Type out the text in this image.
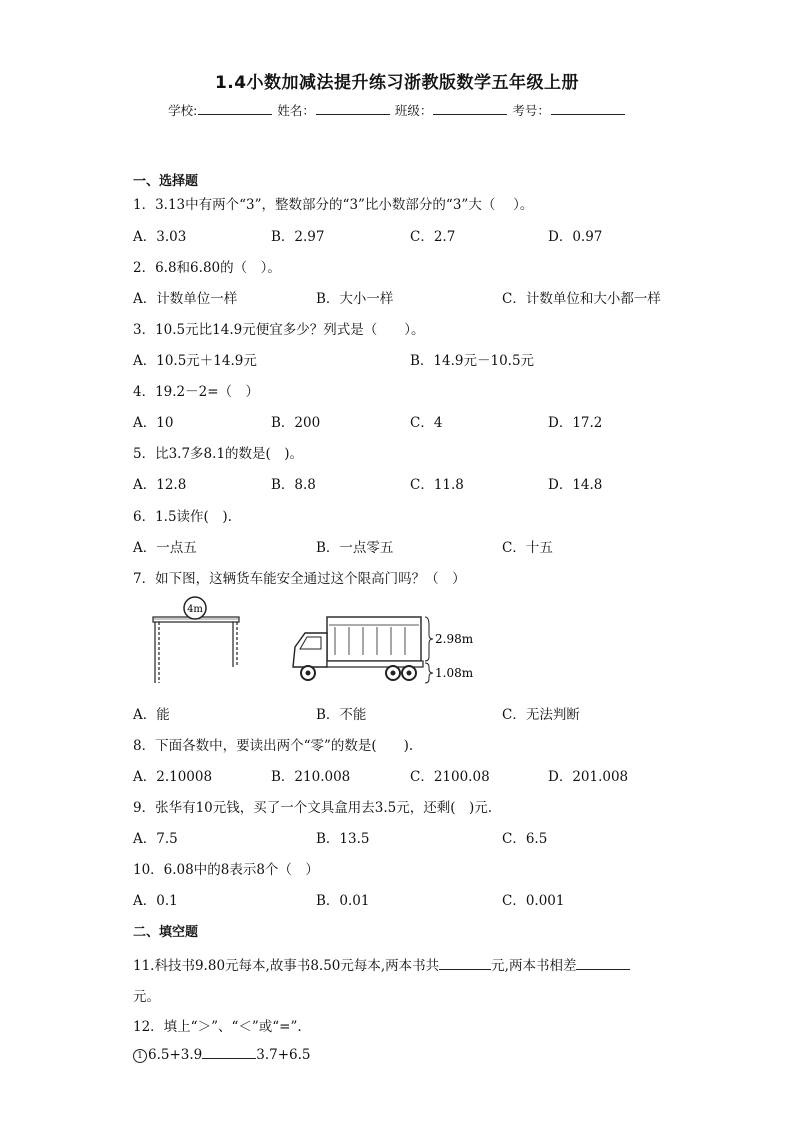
1.4小数加减法提升练习浙教版数学五年级上册
学校:	姓名：	班级：	考号：
一、选择题
1．3.13中有两个“3”，整数部分的“3”比小数部分的“3”大（　 ）。
A．3.03	B．2.97	C．2.7	D．0.97
2．6.8和6.80的（　）。
A．计数单位一样	B．大小一样	C．计数单位和大小都一样
3．10.5元比14.9元便宜多少？列式是（　　）。
A．10.5元＋14.9元	B．14.9元－10.5元
4．19.2－2=（　）
A．10	B．200	C．4	D．17.2
5．比3.7多8.1的数是(　)。
A．12.8	B．8.8	C．11.8	D．14.8
6．1.5读作(　).
A．一点五	B．一点零五	C．十五
7．如下图，这辆货车能安全通过这个限高门吗？（　）
4m
2.98m
1.08m
A．能	B．不能	C．无法判断
8．下面各数中，要读出两个“零”的数是(　　).
A．2.10008	B．210.008	C．2100.08	D．201.008
9．张华有10元钱，买了一个文具盒用去3.5元，还剩(　)元.
A．7.5	B．13.5	C．6.5
10．6.08中的8表示8个（　）
A．0.1	B．0.01	C．0.001
二、填空题
11.科技书9.80元每本,故事书8.50元每本,两本书共	元,两本书相差
元。
12．填上“＞”、“＜”或“=”.
1 6.5+3.9	3.7+6.5
